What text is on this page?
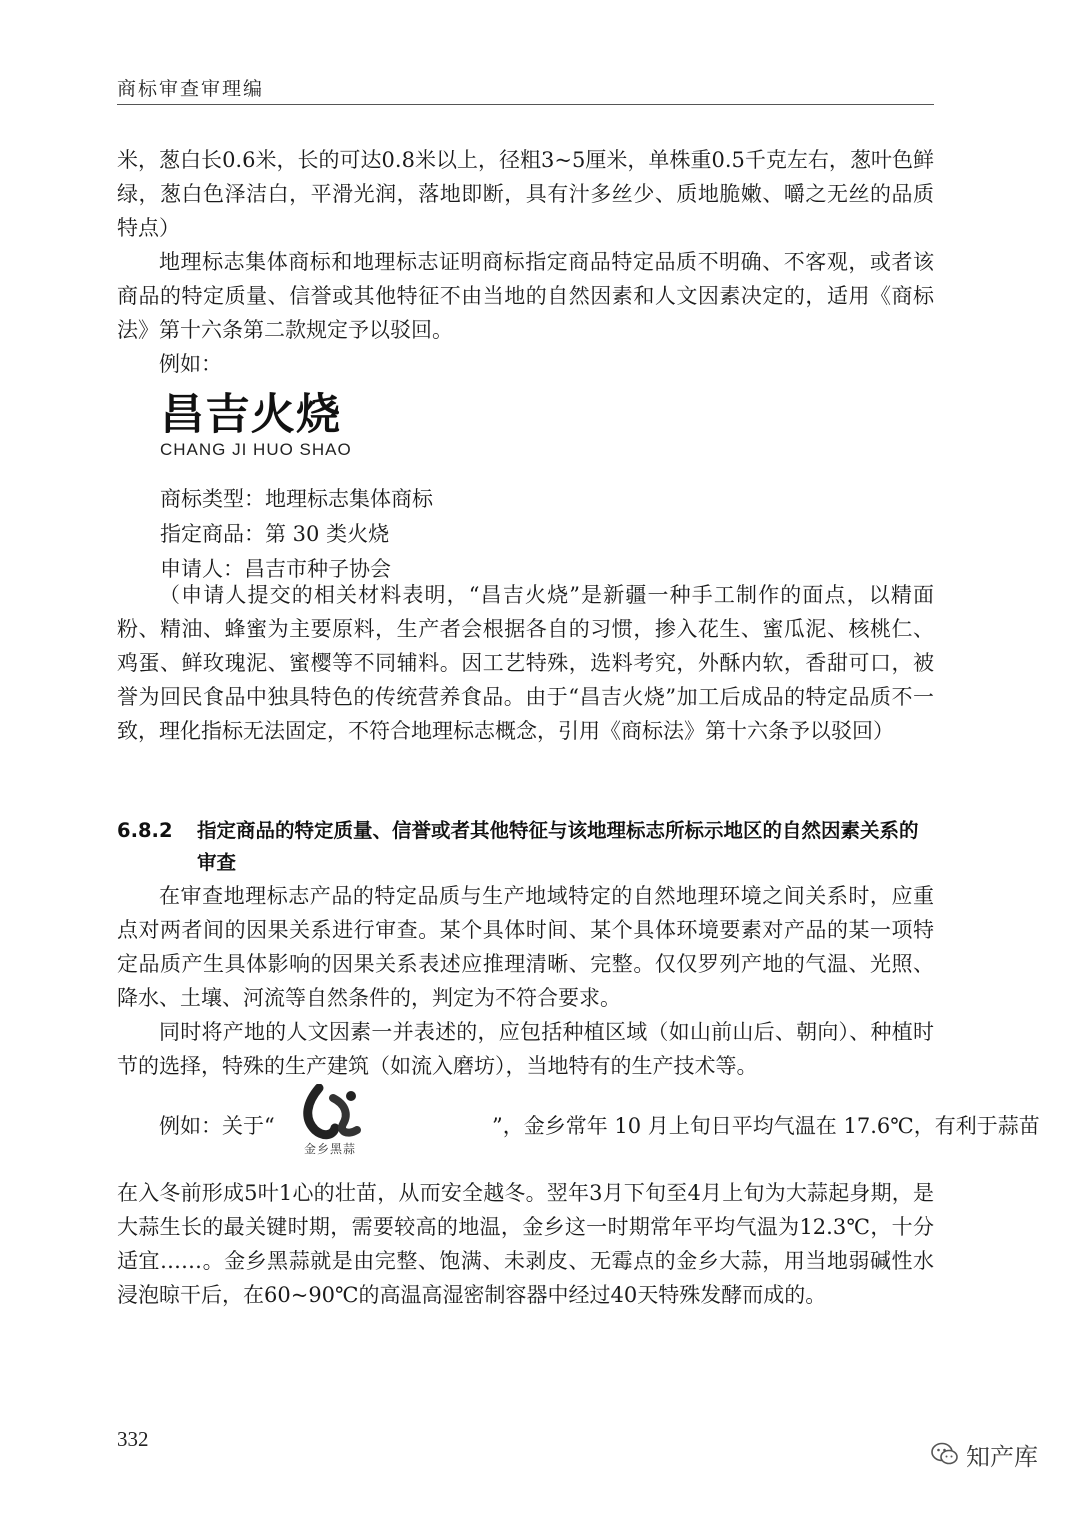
商标审查审理编

米，葱白长0.6米，长的可达0.8米以上，径粗3~5厘米，单株重0.5千克左右，葱叶色鲜绿，葱白色泽洁白，平滑光润，落地即断，具有汁多丝少、质地脆嫩、嚼之无丝的品质特点）

地理标志集体商标和地理标志证明商标指定商品特定品质不明确、不客观，或者该商品的特定质量、信誉或其他特征不由当地的自然因素和人文因素决定的，适用《商标法》第十六条第二款规定予以驳回。

例如：

昌吉火烧
CHANG JI HUO SHAO

商标类型：地理标志集体商标

指定商品：第 30 类火烧

申请人：昌吉市种子协会

（申请人提交的相关材料表明，“昌吉火烧”是新疆一种手工制作的面点，以精面粉、精油、蜂蜜为主要原料，生产者会根据各自的习惯，掺入花生、蜜瓜泥、核桃仁、鸡蛋、鲜玫瑰泥、蜜樱等不同辅料。因工艺特殊，选料考究，外酥内软，香甜可口，被誉为回民食品中独具特色的传统营养食品。由于“昌吉火烧”加工后成品的特定品质不一致，理化指标无法固定，不符合地理标志概念，引用《商标法》第十六条予以驳回）

6.8.2 指定商品的特定质量、信誉或者其他特征与该地理标志所标示地区的自然因素关系的审查

在审查地理标志产品的特定品质与生产地域特定的自然地理环境之间关系时，应重点对两者间的因果关系进行审查。某个具体时间、某个具体环境要素对产品的某一项特定品质产生具体影响的因果关系表述应推理清晰、完整。仅仅罗列产地的气温、光照、降水、土壤、河流等自然条件的，判定为不符合要求。

同时将产地的人文因素一并表述的，应包括种植区域（如山前山后、朝向）、种植时节的选择，特殊的生产建筑（如流入磨坊），当地特有的生产技术等。

例如：关于“
金乡黑蒜
”，金乡常年 10 月上旬日平均气温在 17.6℃，有利于蒜苗

在入冬前形成5叶1心的壮苗，从而安全越冬。翌年3月下旬至4月上旬为大蒜起身期，是大蒜生长的最关键时期，需要较高的地温，金乡这一时期常年平均气温为12.3℃，十分适宜……。金乡黑蒜就是由完整、饱满、未剥皮、无霉点的金乡大蒜，用当地弱碱性水浸泡晾干后，在60~90℃的高温高湿密制容器中经过40天特殊发酵而成的。

332
知产库
